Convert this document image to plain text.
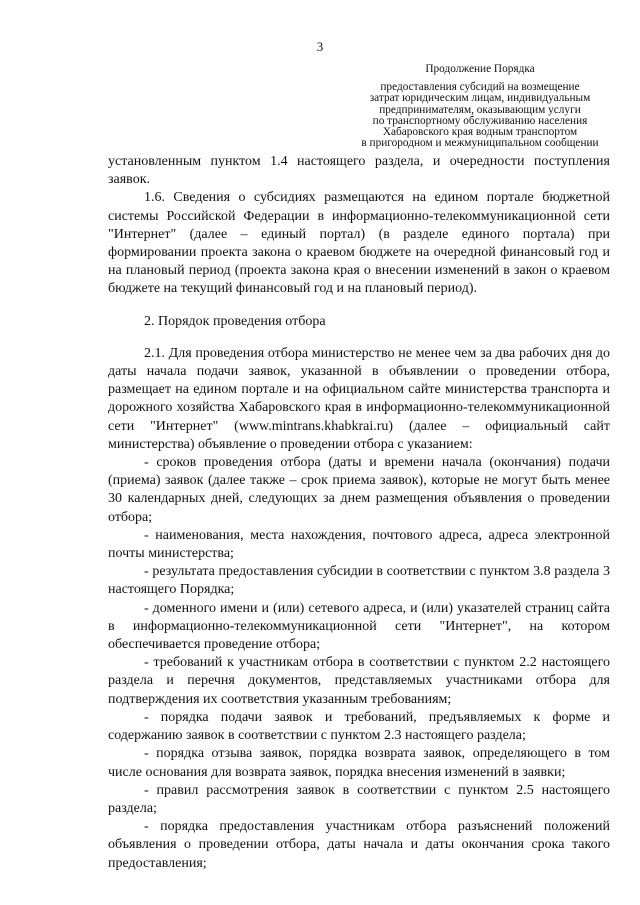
3
Продолжение Порядка
предоставления субсидий на возмещение
затрат юридическим лицам, индивидуальным
предпринимателям, оказывающим услуги
по транспортному обслуживанию населения
Хабаровского края водным транспортом
в пригородном и межмуниципальном сообщении

установленным пунктом 1.4 настоящего раздела, и очередности поступления заявок.

1.6. Сведения о субсидиях размещаются на едином портале бюджетной системы Российской Федерации в информационно-телекоммуникационной сети "Интернет" (далее – единый портал) (в разделе единого портала) при формировании проекта закона о краевом бюджете на очередной финансовый год и на плановый период (проекта закона края о внесении изменений в закон о краевом бюджете на текущий финансовый год и на плановый период).

2. Порядок проведения отбора

2.1. Для проведения отбора министерство не менее чем за два рабочих дня до даты начала подачи заявок, указанной в объявлении о проведении отбора, размещает на едином портале и на официальном сайте министерства транспорта и дорожного хозяйства Хабаровского края в информационно-телекоммуникационной сети "Интернет" (www.mintrans.khabkrai.ru) (далее – официальный сайт министерства) объявление о проведении отбора с указанием:

- сроков проведения отбора (даты и времени начала (окончания) подачи (приема) заявок (далее также – срок приема заявок), которые не могут быть менее 30 календарных дней, следующих за днем размещения объявления о проведении отбора;

- наименования, места нахождения, почтового адреса, адреса электронной почты министерства;

- результата предоставления субсидии в соответствии с пунктом 3.8 раздела 3 настоящего Порядка;

- доменного имени и (или) сетевого адреса, и (или) указателей страниц сайта в информационно-телекоммуникационной сети "Интернет", на котором обеспечивается проведение отбора;

- требований к участникам отбора в соответствии с пунктом 2.2 настоящего раздела и перечня документов, представляемых участниками отбора для подтверждения их соответствия указанным требованиям;

- порядка подачи заявок и требований, предъявляемых к форме и содержанию заявок в соответствии с пунктом 2.3 настоящего раздела;

- порядка отзыва заявок, порядка возврата заявок, определяющего в том числе основания для возврата заявок, порядка внесения изменений в заявки;

- правил рассмотрения заявок в соответствии с пунктом 2.5 настоящего раздела;

- порядка предоставления участникам отбора разъяснений положений объявления о проведении отбора, даты начала и даты окончания срока такого предоставления;
